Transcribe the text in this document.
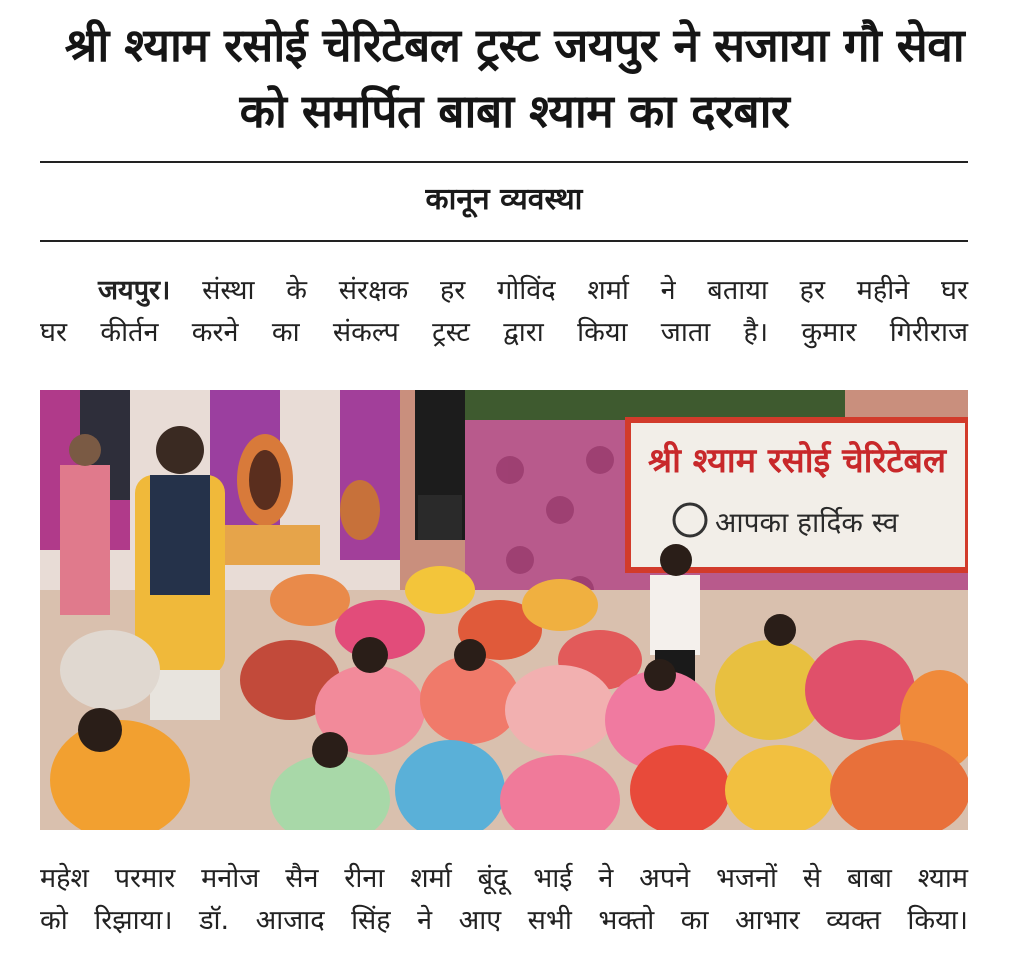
श्री श्याम रसोई चेरिटेबल ट्रस्ट जयपुर ने सजाया गौ सेवा
को समर्पित बाबा श्याम का दरबार
कानून व्यवस्था
जयपुर। संस्था के संरक्षक हर गोविंद शर्मा ने बताया हर महीने घर
घर कीर्तन करने का संकल्प ट्रस्ट द्वारा किया जाता है। कुमार गिरीराज
श्री श्याम रसोई चेरिटेबल
आपका हार्दिक स्व
महेश परमार मनोज सैन रीना शर्मा बूंदू भाई ने अपने भजनों से बाबा श्याम
को रिझाया। डॉ. आजाद सिंह ने आए सभी भक्तो का आभार व्यक्त किया।
